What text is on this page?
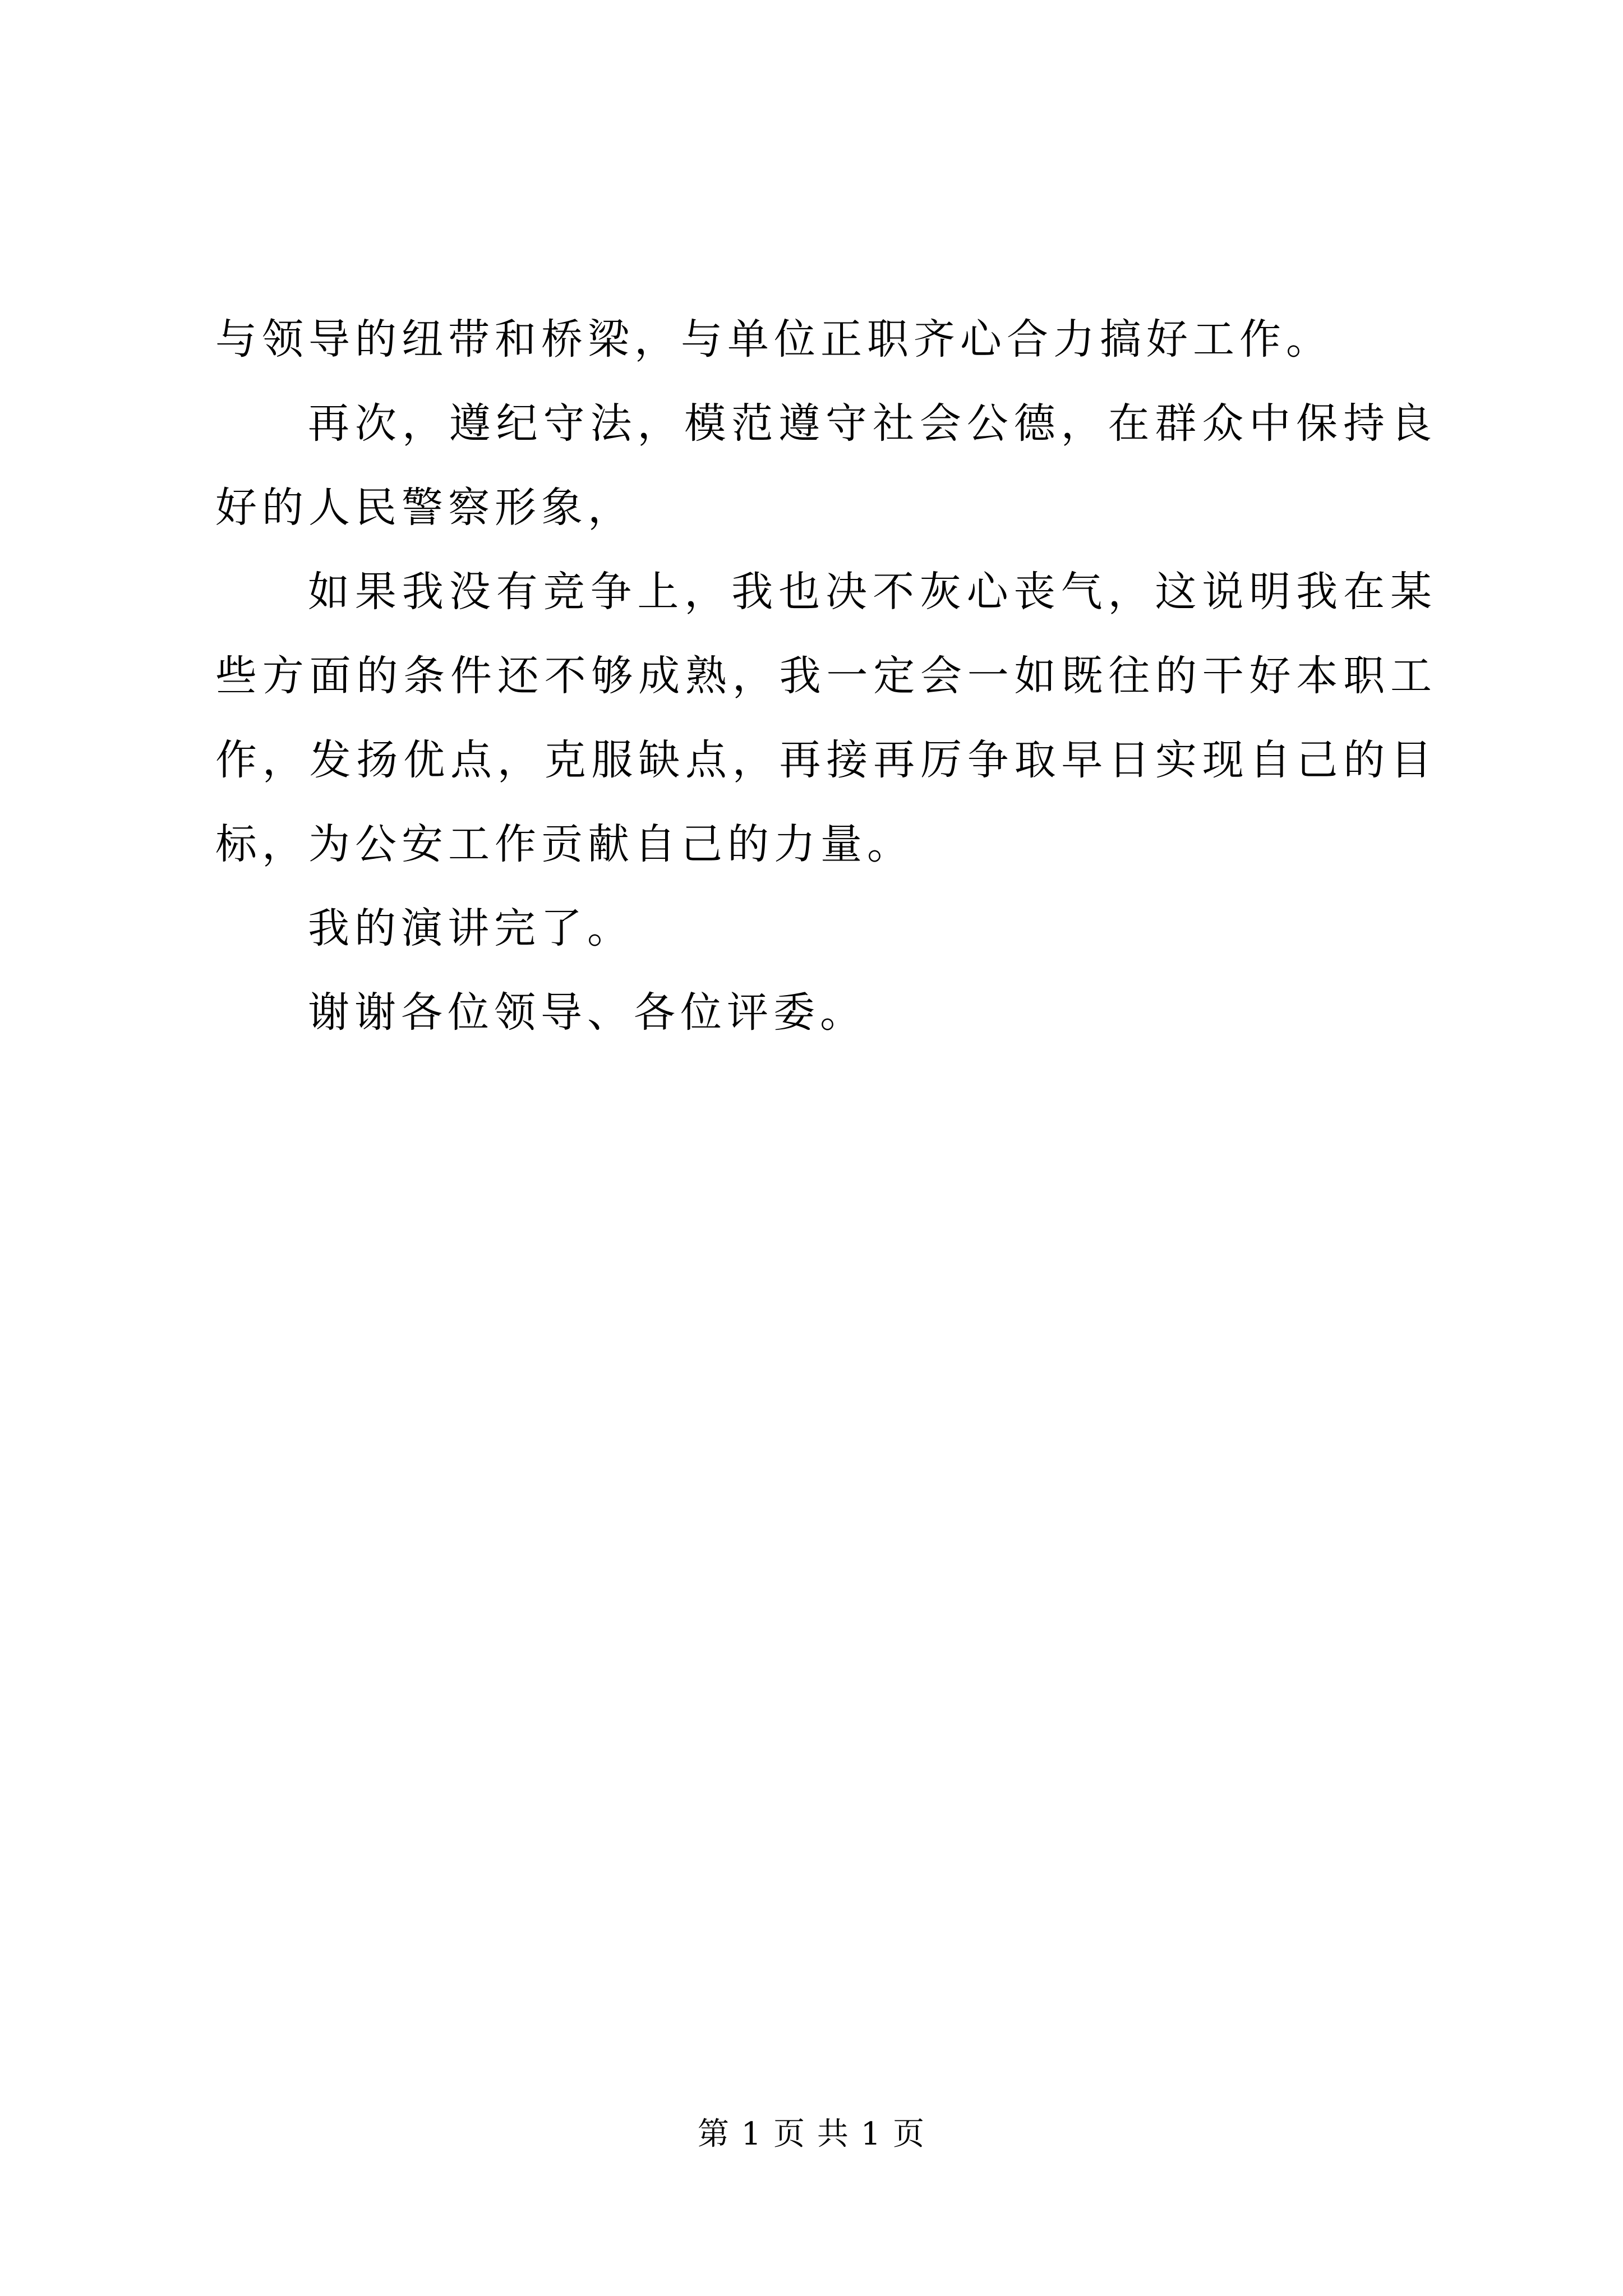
与领导的纽带和桥梁，与单位正职齐心合力搞好工作。

再次，遵纪守法，模范遵守社会公德，在群众中保持良好的人民警察形象，

如果我没有竞争上，我也决不灰心丧气，这说明我在某些方面的条件还不够成熟，我一定会一如既往的干好本职工作，发扬优点，克服缺点，再接再厉争取早日实现自己的目标，为公安工作贡献自己的力量。

我的演讲完了。

谢谢各位领导、各位评委。

第 1 页 共 1 页
